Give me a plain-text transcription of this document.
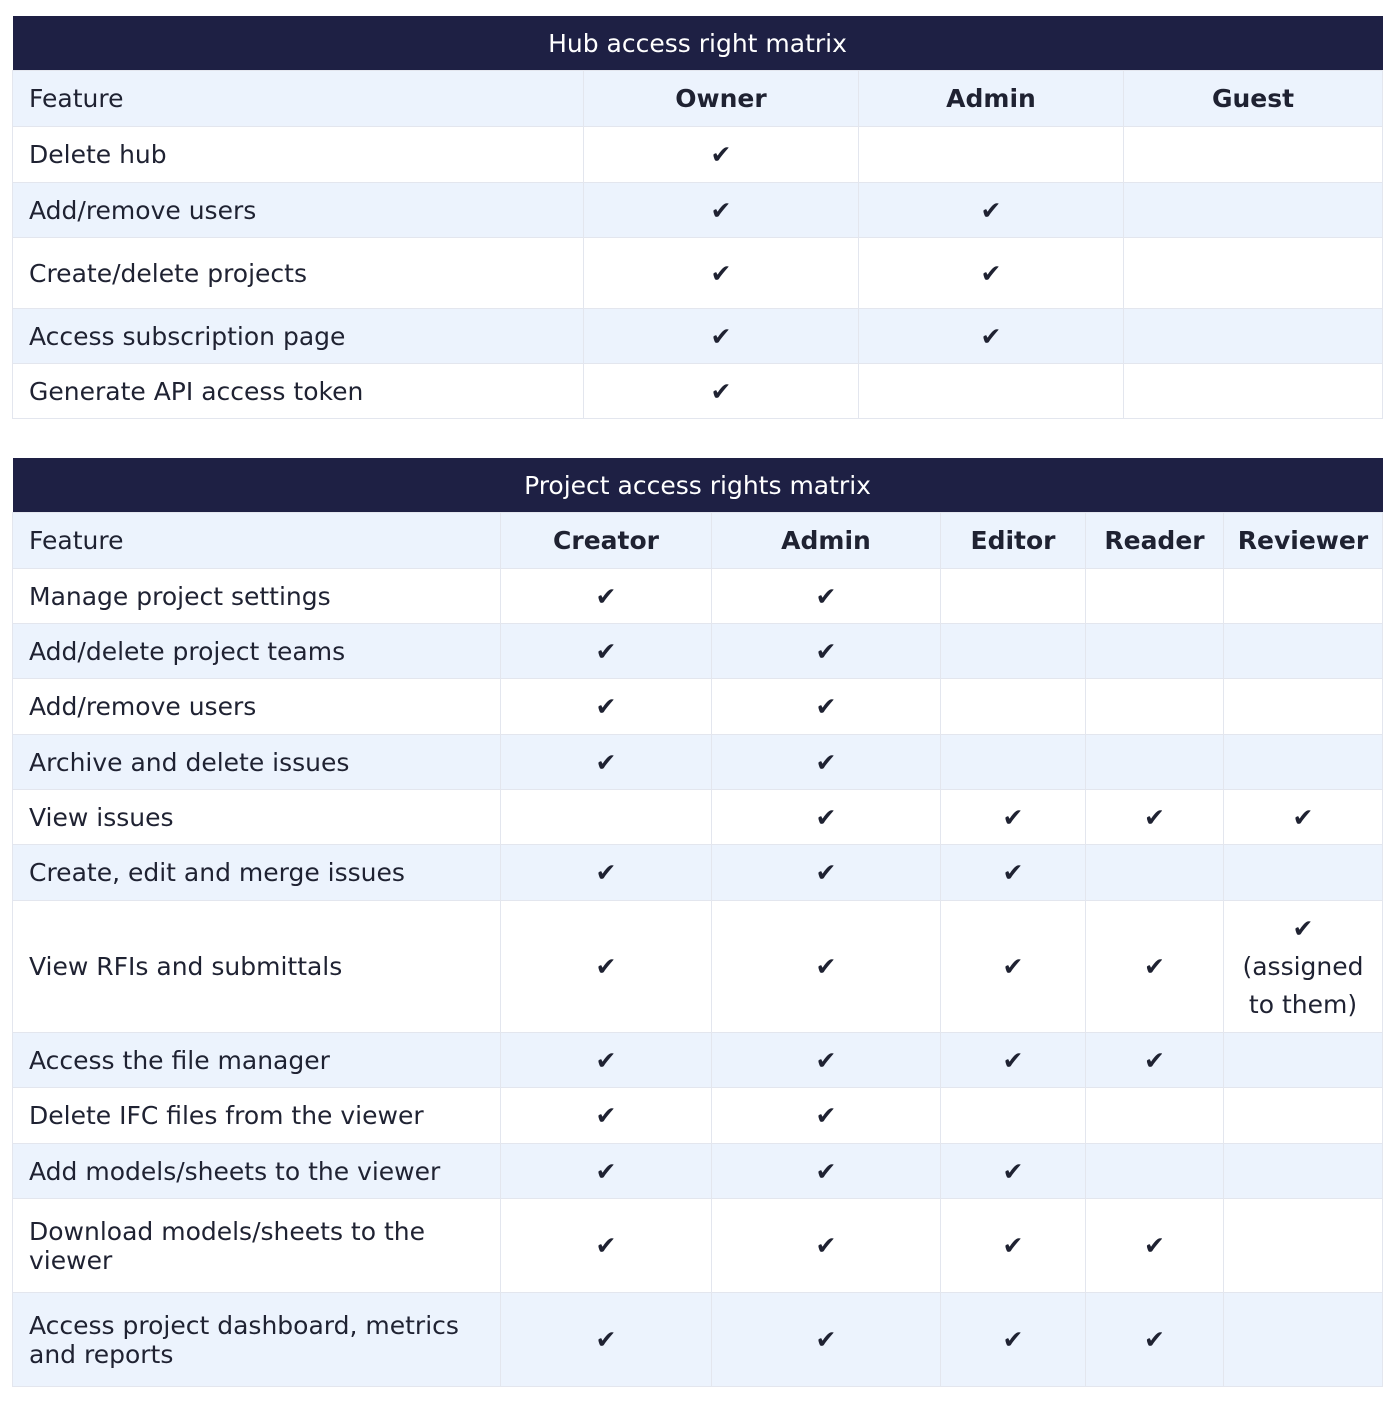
Hub access right matrix			
Feature	Owner	Admin	Guest
Delete hub	✔		
Add/remove users	✔	✔	
Create/delete projects	✔	✔	
Access subscription page	✔	✔	
Generate API access token	✔		
Project access rights matrix					
Feature	Creator	Admin	Editor	Reader	Reviewer
Manage project settings	✔	✔			
Add/delete project teams	✔	✔			
Add/remove users	✔	✔			
Archive and delete issues	✔	✔			
View issues		✔	✔	✔	✔
Create, edit and merge issues	✔	✔	✔		
View RFIs and submittals	✔	✔	✔	✔	✔
(assigned to them)

Access the file manager	✔	✔	✔	✔	
Delete IFC files from the viewer	✔	✔			
Add models/sheets to the viewer	✔	✔	✔		
Download models/sheets to the viewer	✔	✔	✔	✔	
Access project dashboard, metrics and reports	✔	✔	✔	✔	
